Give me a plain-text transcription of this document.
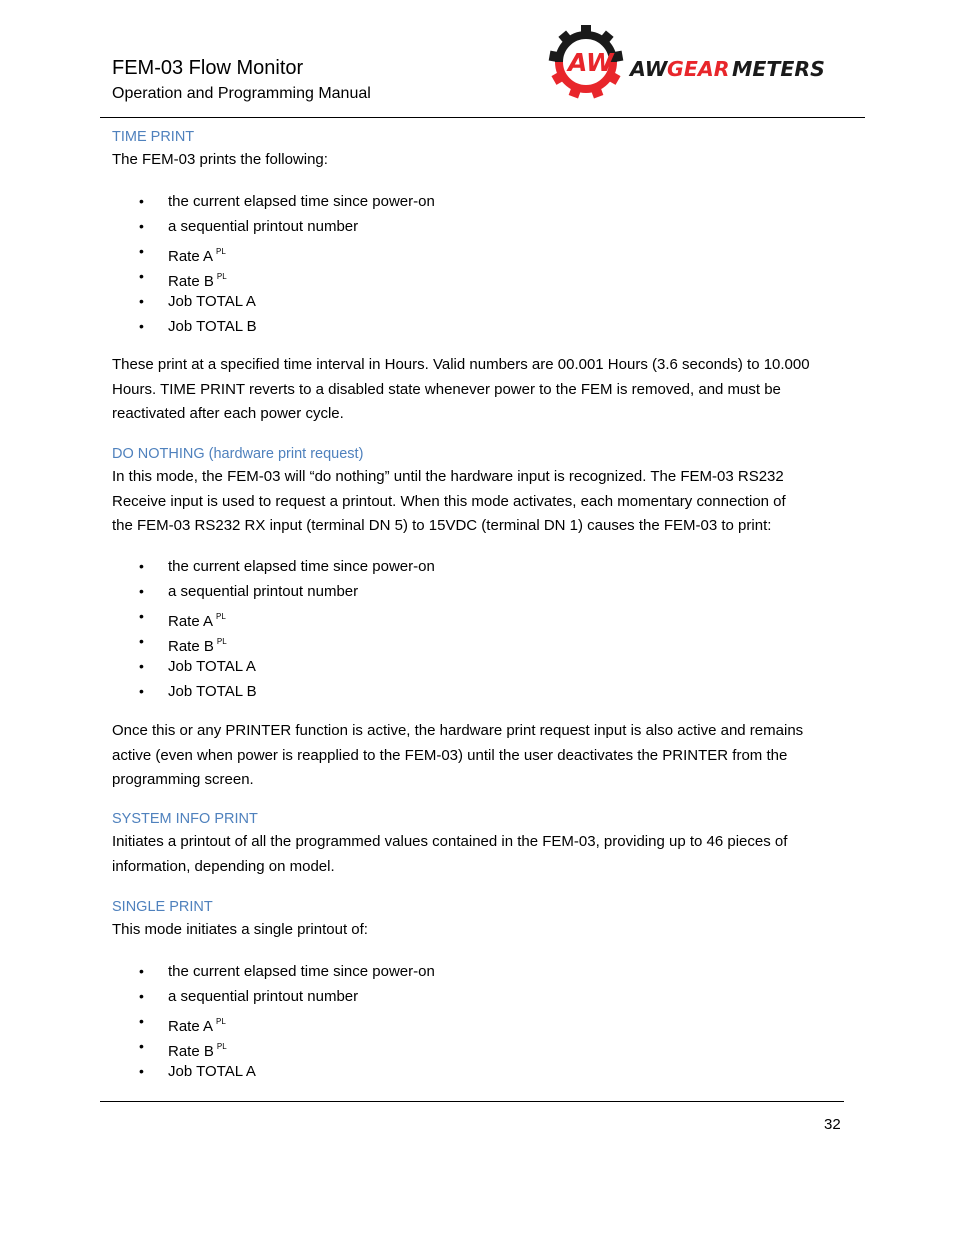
FEM-03 Flow Monitor
Operation and Programming Manual
AW AW GEAR METERS
TIME PRINT
The FEM-03 prints the following:
• the current elapsed time since power-on
• a sequential printout number
• Rate A $^{PL}$
• Rate B $^{PL}$
• Job TOTAL A
• Job TOTAL B
These print at a specified time interval in Hours. Valid numbers are 00.001 Hours (3.6 seconds) to 10.000
Hours. TIME PRINT reverts to a disabled state whenever power to the FEM is removed, and must be
reactivated after each power cycle.
DO NOTHING (hardware print request)
In this mode, the FEM-03 will “do nothing” until the hardware input is recognized. The FEM-03 RS232
Receive input is used to request a printout. When this mode activates, each momentary connection of
the FEM-03 RS232 RX input (terminal DN 5) to 15VDC (terminal DN 1) causes the FEM-03 to print:
• the current elapsed time since power-on
• a sequential printout number
• Rate A $^{PL}$
• Rate B $^{PL}$
• Job TOTAL A
• Job TOTAL B
Once this or any PRINTER function is active, the hardware print request input is also active and remains
active (even when power is reapplied to the FEM-03) until the user deactivates the PRINTER from the
programming screen.
SYSTEM INFO PRINT
Initiates a printout of all the programmed values contained in the FEM-03, providing up to 46 pieces of
information, depending on model.
SINGLE PRINT
This mode initiates a single printout of:
• the current elapsed time since power-on
• a sequential printout number
• Rate A $^{PL}$
• Rate B $^{PL}$
• Job TOTAL A
32
